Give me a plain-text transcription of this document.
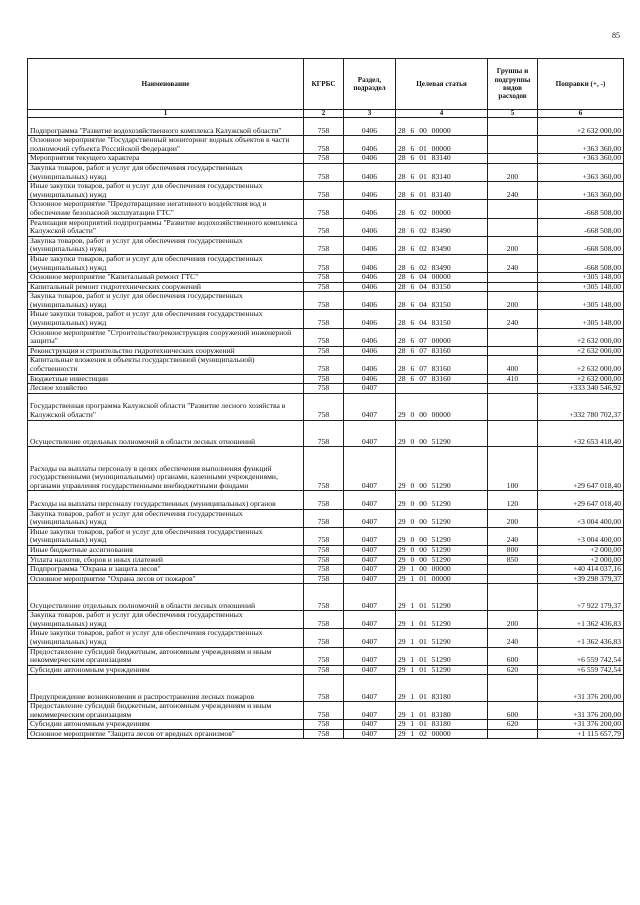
85
Наименование	КГРБС	Раздел, подраздел	Целевая статья	Группы и подгруппы видов расходов	Поправки (+, -)
1	2	3	4	5	6
Подпрограмма "Развитие водохозяйственного комплекса Калужской области"	758	0406	28 6 00 00000		+2 632 000,00
Основное мероприятие "Государственный мониторинг водных объектов в части полномочий субъекта Российской Федерации"	758	0406	28 6 01 00000		+363 360,00
Мероприятия текущего характера	758	0406	28 6 01 83140		+363 360,00
Закупка товаров, работ и услуг для обеспечения государственных (муниципальных) нужд	758	0406	28 6 01 83140	200	+363 360,00
Иные закупки товаров, работ и услуг для обеспечения государственных (муниципальных) нужд	758	0406	28 6 01 83140	240	+363 360,00
Основное мероприятие "Предотвращение негативного воздействия вод и обеспечение безопасной эксплуатации ГТС"	758	0406	28 6 02 00000		-668 508,00
Реализация мероприятий подпрограммы "Развитие водохозяйственного комплекса Калужской области"	758	0406	28 6 02 83490		-668 508,00
Закупка товаров, работ и услуг для обеспечения государственных (муниципальных) нужд	758	0406	28 6 02 83490	200	-668 508,00
Иные закупки товаров, работ и услуг для обеспечения государственных (муниципальных) нужд	758	0406	28 6 02 83490	240	-668 508,00
Основное мероприятие "Капитальный ремонт ГТС"	758	0406	28 6 04 00000		+305 148,00
Капитальный ремонт гидротехнических сооружений	758	0406	28 6 04 83150		+305 148,00
Закупка товаров, работ и услуг для обеспечения государственных (муниципальных) нужд	758	0406	28 6 04 83150	200	+305 148,00
Иные закупки товаров, работ и услуг для обеспечения государственных (муниципальных) нужд	758	0406	28 6 04 83150	240	+305 148,00
Основное мероприятие "Строительство/реконструкция сооружений инженерной защиты"	758	0406	28 6 07 00000		+2 632 000,00
Реконструкция и строительство гидротехнических сооружений	758	0406	28 6 07 83160		+2 632 000,00
Капитальные вложения в объекты государственной (муниципальной) собственности	758	0406	28 6 07 83160	400	+2 632 000,00
Бюджетные инвестиции	758	0406	28 6 07 83160	410	+2 632 000,00
Лесное хозяйство	758	0407			+333 340 546,92
Государственная программа Калужской области "Развитие лесного хозяйства в Калужской области"	758	0407	29 0 00 00000		+332 780 702,37
Осуществление отдельных полномочий в области лесных отношений	758	0407	29 0 00 51290		+32 653 418,40
Расходы на выплаты персоналу в целях обеспечения выполнения функций государственными (муниципальными) органами, казенными учреждениями, органами управления государственными внебюджетными фондами	758	0407	29 0 00 51290	100	+29 647 018,40
Расходы на выплаты персоналу государственных (муниципальных) органов	758	0407	29 0 00 51290	120	+29 647 018,40
Закупка товаров, работ и услуг для обеспечения государственных (муниципальных) нужд	758	0407	29 0 00 51290	200	+3 004 400,00
Иные закупки товаров, работ и услуг для обеспечения государственных (муниципальных) нужд	758	0407	29 0 00 51290	240	+3 004 400,00
Иные бюджетные ассигнования	758	0407	29 0 00 51290	800	+2 000,00
Уплата налогов, сборов и иных платежей	758	0407	29 0 00 51290	850	+2 000,00
Подпрограмма "Охрана и защита лесов"	758	0407	29 1 00 00000		+40 414 037,16
Основное мероприятие "Охрана лесов от пожаров"	758	0407	29 1 01 00000		+39 298 379,37
Осуществление отдельных полномочий в области лесных отношений	758	0407	29 1 01 51290		+7 922 179,37
Закупка товаров, работ и услуг для обеспечения государственных (муниципальных) нужд	758	0407	29 1 01 51290	200	+1 362 436,83
Иные закупки товаров, работ и услуг для обеспечения государственных (муниципальных) нужд	758	0407	29 1 01 51290	240	+1 362 436,83
Предоставление субсидий бюджетным, автономным учреждениям и иным некоммерческим организациям	758	0407	29 1 01 51290	600	+6 559 742,54
Субсидии автономным учреждениям	758	0407	29 1 01 51290	620	+6 559 742,54
Предупреждение возникновения и распространения лесных пожаров	758	0407	29 1 01 83180		+31 376 200,00
Предоставление субсидий бюджетным, автономным учреждениям и иным некоммерческим организациям	758	0407	29 1 01 83180	600	+31 376 200,00
Субсидии автономным учреждениям	758	0407	29 1 01 83180	620	+31 376 200,00
Основное мероприятие "Защита лесов от вредных организмов"	758	0407	29 1 02 00000		+1 115 657,79
